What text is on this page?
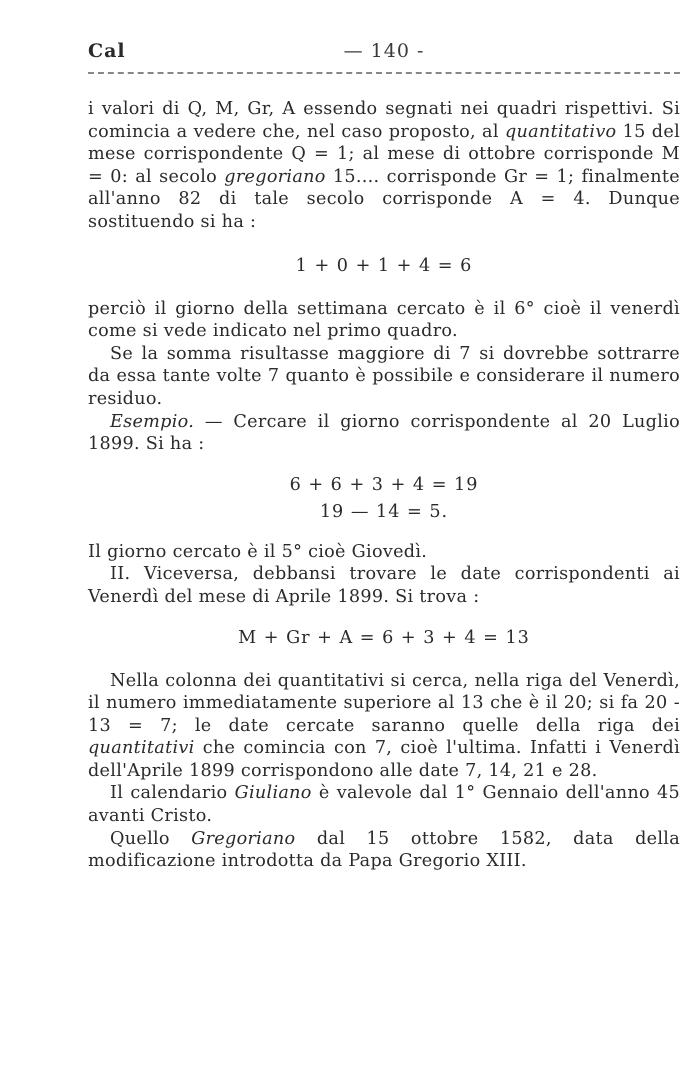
Cal	— 140 -

i valori di Q, M, Gr, A essendo segnati nei quadri rispettivi. Si comincia a vedere che, nel caso proposto, al quantitativo 15 del mese corrispondente Q = 1; al mese di ottobre corrisponde M = 0: al secolo gregoriano 15.... corrisponde Gr = 1; finalmente all'anno 82 di tale secolo corrisponde A = 4. Dunque sostituendo si ha :

1 + 0 + 1 + 4 = 6

perciò il giorno della settimana cercato è il 6° cioè il venerdì come si vede indicato nel primo quadro.

Se la somma risultasse maggiore di 7 si dovrebbe sottrarre da essa tante volte 7 quanto è possibile e considerare il numero residuo.

Esempio. — Cercare il giorno corrispondente al 20 Luglio 1899. Si ha :

6 + 6 + 3 + 4 = 19
19 — 14 = 5.

Il giorno cercato è il 5° cioè Giovedì.

II. Viceversa, debbansi trovare le date corrispondenti ai Venerdì del mese di Aprile 1899. Si trova :

M + Gr + A = 6 + 3 + 4 = 13

Nella colonna dei quantitativi si cerca, nella riga del Venerdì, il numero immediatamente superiore al 13 che è il 20; si fa 20 - 13 = 7; le date cercate saranno quelle della riga dei quantitativi che comincia con 7, cioè l'ultima. Infatti i Venerdì dell'Aprile 1899 corrispondono alle date 7, 14, 21 e 28.

Il calendario Giuliano è valevole dal 1° Gennaio dell'anno 45 avanti Cristo.

Quello Gregoriano dal 15 ottobre 1582, data della modificazione introdotta da Papa Gregorio XIII.
